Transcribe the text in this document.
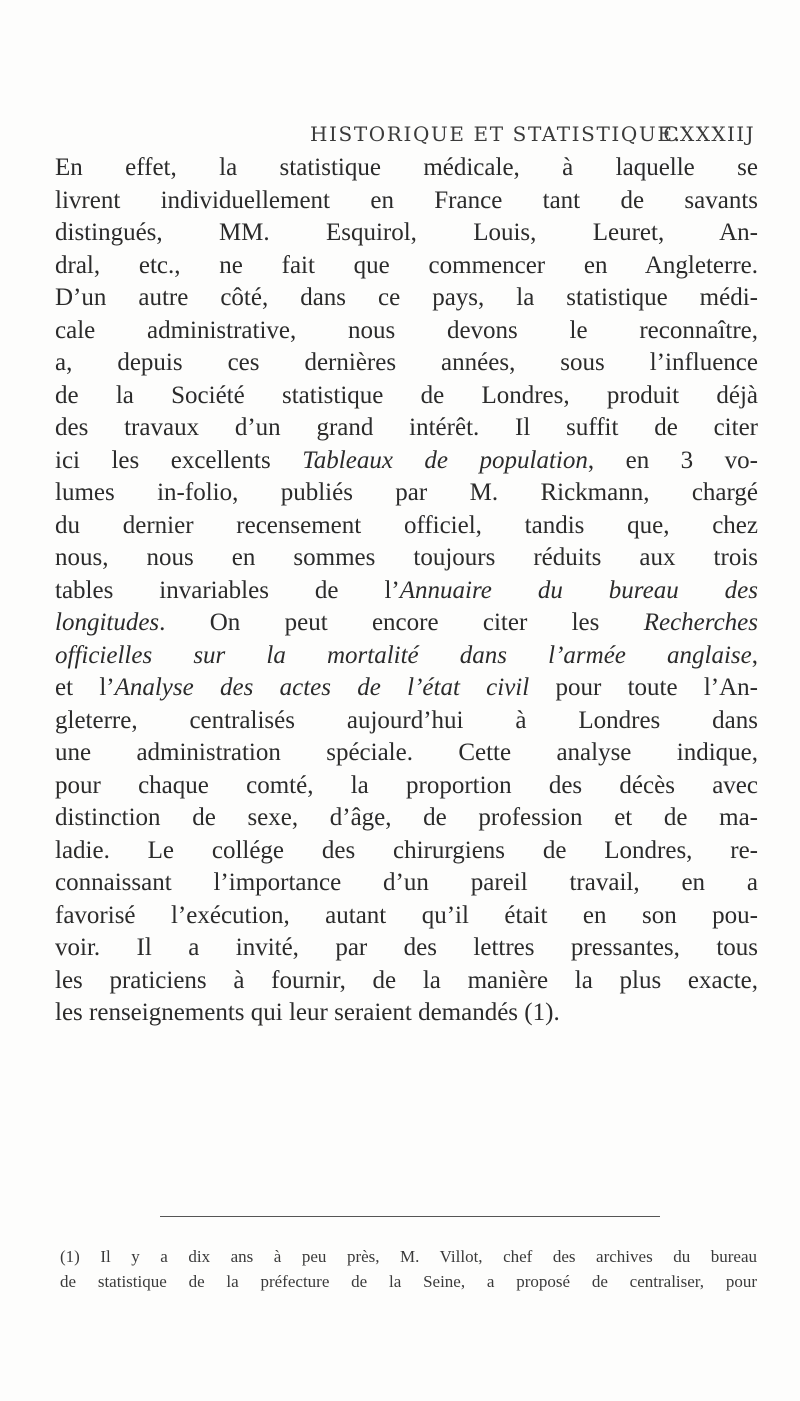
HISTORIQUE ET STATISTIQUE.
CXXXIIJ
En effet, la statistique médicale, à laquelle se
livrent individuellement en France tant de savants
distingués, MM. Esquirol, Louis, Leuret, An-
dral, etc., ne fait que commencer en Angleterre.
D’un autre côté, dans ce pays, la statistique médi-
cale administrative, nous devons le reconnaître,
a, depuis ces dernières années, sous l’influence
de la Société statistique de Londres, produit déjà
des travaux d’un grand intérêt. Il suffit de citer
ici les excellents Tableaux de population, en 3 vo-
lumes in-folio, publiés par M. Rickmann, chargé
du dernier recensement officiel, tandis que, chez
nous, nous en sommes toujours réduits aux trois
tables invariables de l’Annuaire du bureau des
longitudes. On peut encore citer les Recherches
officielles sur la mortalité dans l’armée anglaise,
et l’Analyse des actes de l’état civil pour toute l’An-
gleterre, centralisés aujourd’hui à Londres dans
une administration spéciale. Cette analyse indique,
pour chaque comté, la proportion des décès avec
distinction de sexe, d’âge, de profession et de ma-
ladie. Le collége des chirurgiens de Londres, re-
connaissant l’importance d’un pareil travail, en a
favorisé l’exécution, autant qu’il était en son pou-
voir. Il a invité, par des lettres pressantes, tous
les praticiens à fournir, de la manière la plus exacte,
les renseignements qui leur seraient demandés (1).
(1) Il y a dix ans à peu près, M. Villot, chef des archives du bureau
de statistique de la préfecture de la Seine, a proposé de centraliser, pour
